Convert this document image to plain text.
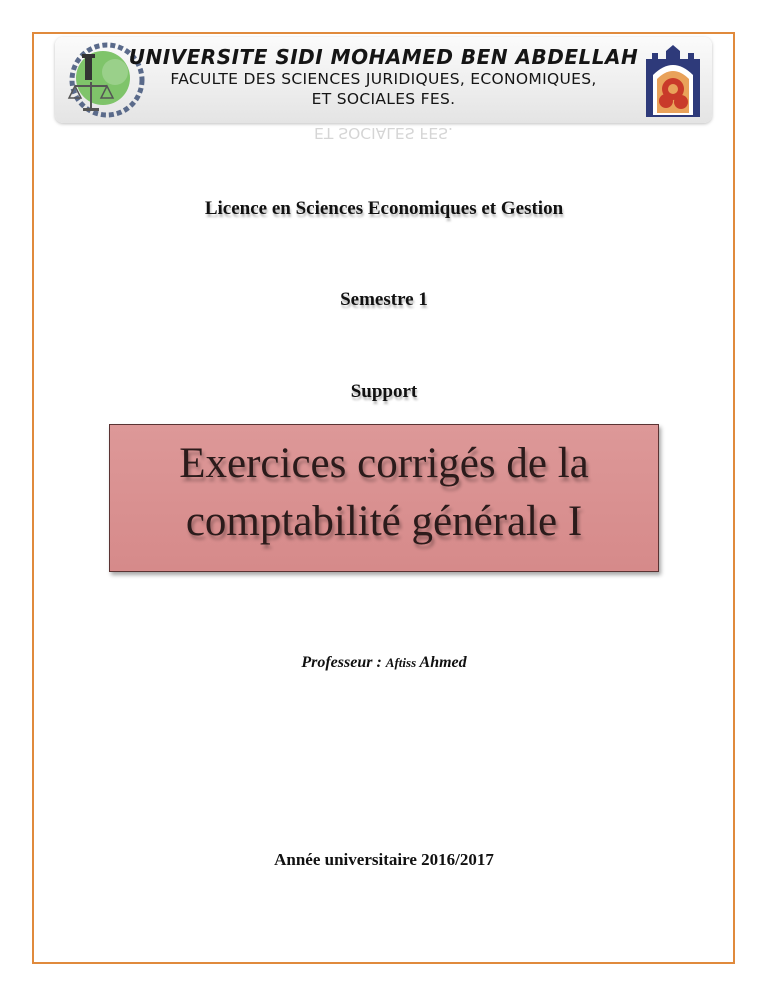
UNIVERSITE SIDI MOHAMED BEN ABDELLAH
FACULTE DES SCIENCES JURIDIQUES, ECONOMIQUES,
ET SOCIALES FES.
ET SOCIALES FES.
Licence en Sciences Economiques et Gestion
Semestre 1
Support
Exercices corrigés de la
comptabilité générale I
Professeur : Aftiss Ahmed
Année universitaire 2016/2017
